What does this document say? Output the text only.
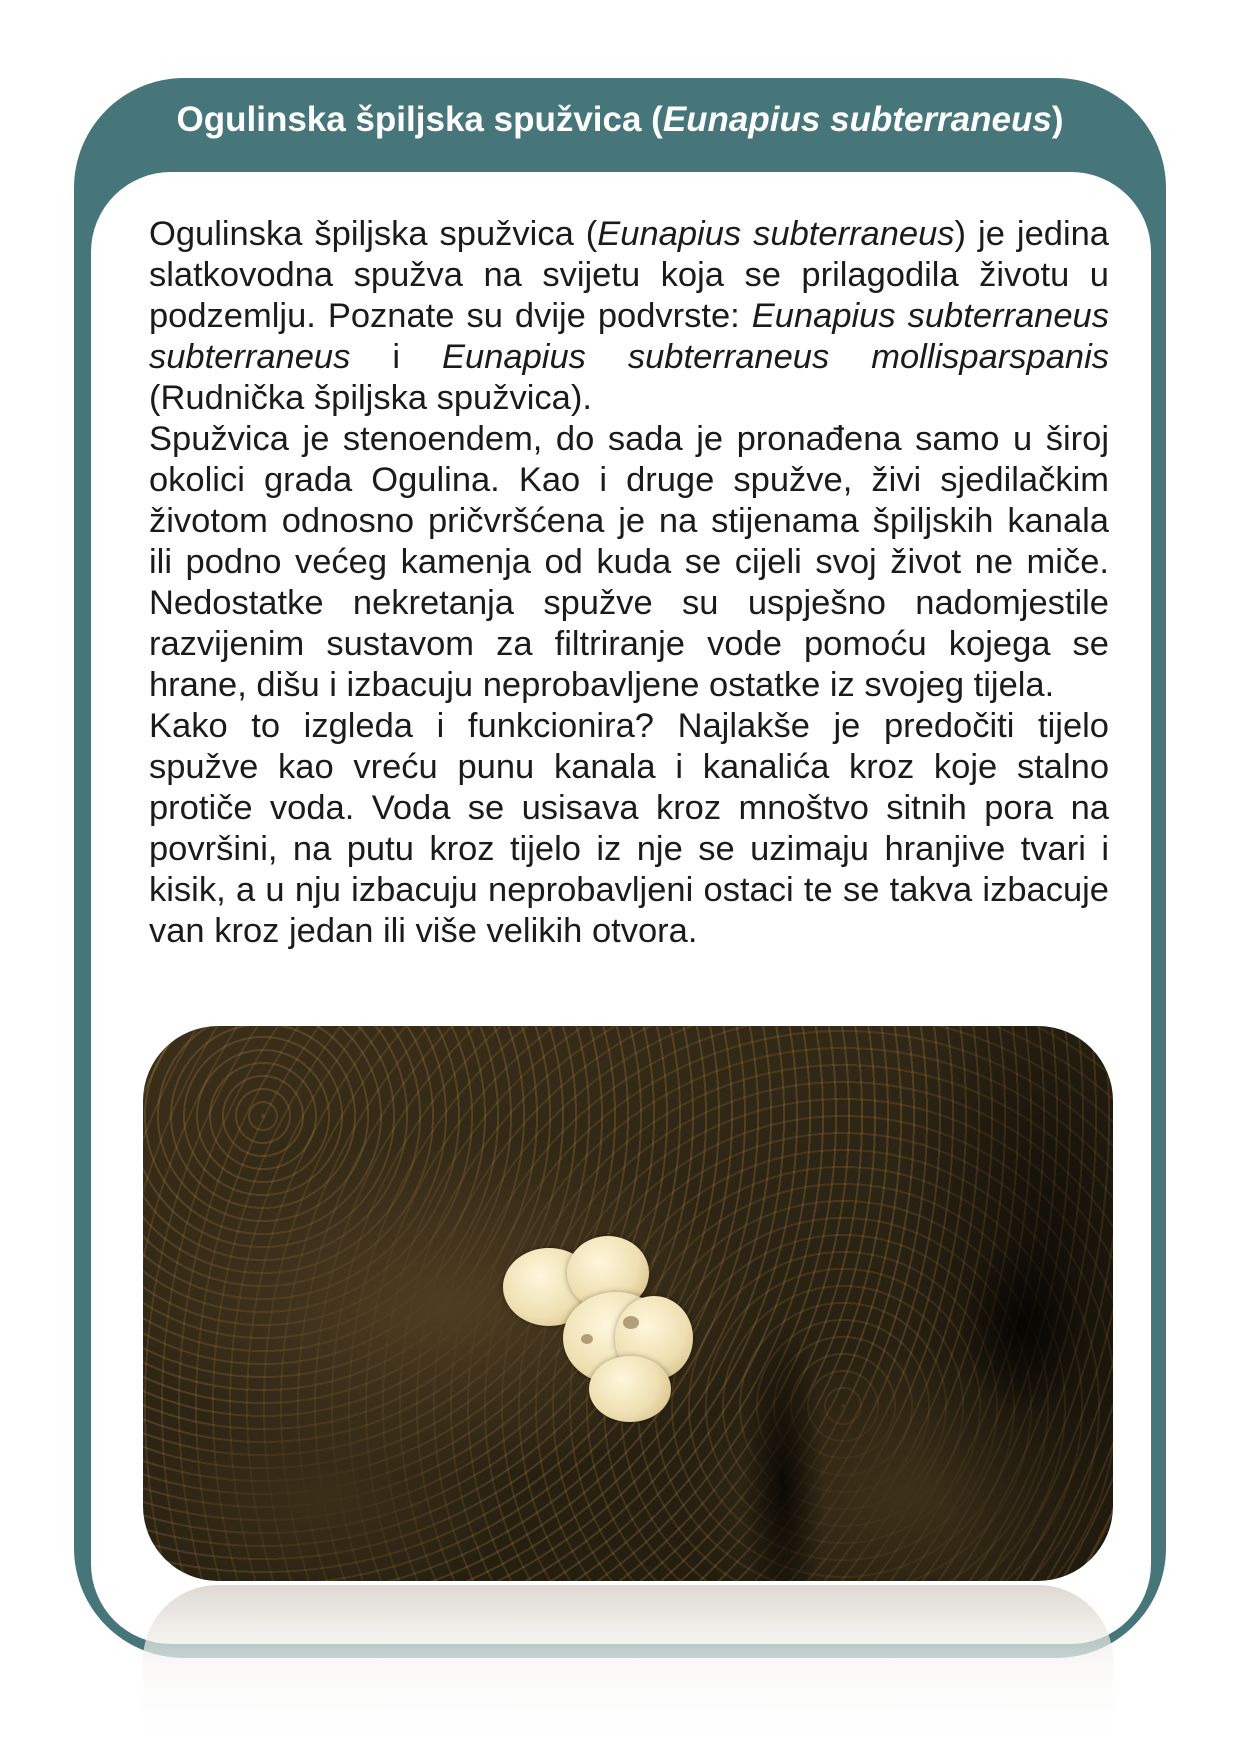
Ogulinska špiljska spužvica (Eunapius subterraneus)

Ogulinska špiljska spužvica (Eunapius subterraneus) je jedina slatkovodna spužva na svijetu koja se prilagodila životu u podzemlju. Poznate su dvije podvrste: Eunapius subterraneus subterraneus i Eunapius subterraneus mollisparspanis (Rudnička špiljska spužvica).

Spužvica je stenoendem, do sada je pronađena samo u široj okolici grada Ogulina. Kao i druge spužve, živi sjedilačkim životom odnosno pričvršćena je na stijenama špiljskih kanala ili podno većeg kamenja od kuda se cijeli svoj život ne miče. Nedostatke nekretanja spužve su uspješno nadomjestile razvijenim sustavom za filtriranje vode pomoću kojega se hrane, dišu i izbacuju neprobavljene ostatke iz svojeg tijela.

Kako to izgleda i funkcionira? Najlakše je predočiti tijelo spužve kao vreću punu kanala i kanalića kroz koje stalno protiče voda. Voda se usisava kroz mnoštvo sitnih pora na površini, na putu kroz tijelo iz nje se uzimaju hranjive tvari i kisik, a u nju izbacuju neprobavljeni ostaci te se takva izbacuje van kroz jedan ili više velikih otvora.
